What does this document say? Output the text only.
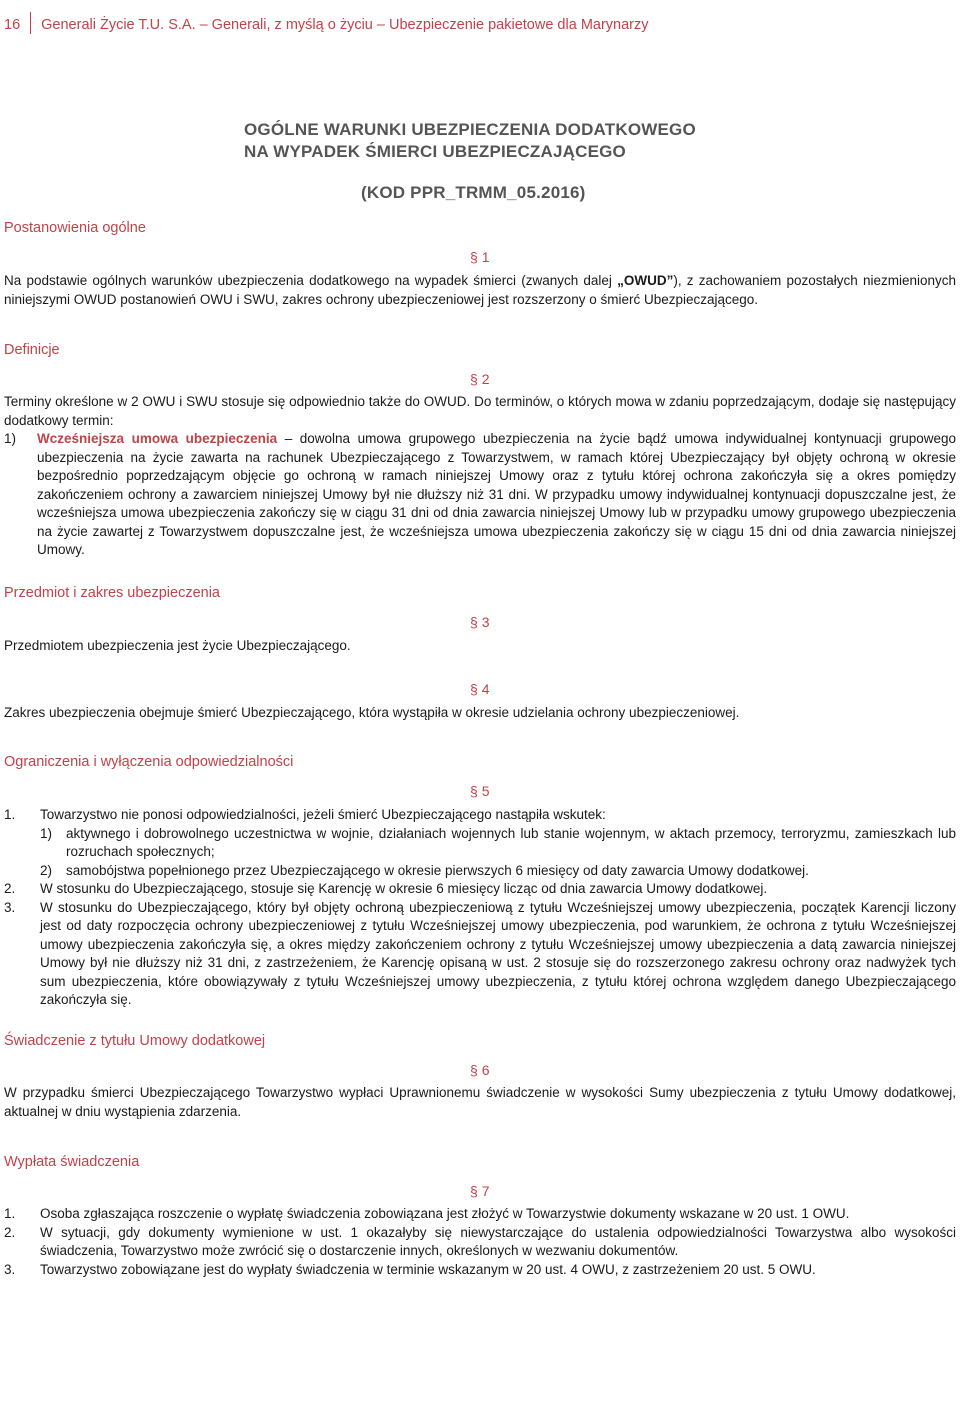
16 Generali Życie T.U. S.A. – Generali, z myślą o życiu – Ubezpieczenie pakietowe dla Marynarzy
OGÓLNE WARUNKI UBEZPIECZENIA DODATKOWEGO
NA WYPADEK ŚMIERCI UBEZPIECZAJĄCEGO
(KOD PPR_TRMM_05.2016)
Postanowienia ogólne
§ 1
Na podstawie ogólnych warunków ubezpieczenia dodatkowego na wypadek śmierci (zwanych dalej „OWUD”), z zachowaniem pozostałych niezmienionych niniejszymi OWUD postanowień OWU i SWU, zakres ochrony ubezpieczeniowej jest rozszerzony o śmierć Ubezpieczającego.
Definicje
§ 2
Terminy określone w 2 OWU i SWU stosuje się odpowiednio także do OWUD. Do terminów, o których mowa w zdaniu poprzedzającym, dodaje się następujący dodatkowy termin:
1)	Wcześniejsza umowa ubezpieczenia – dowolna umowa grupowego ubezpieczenia na życie bądź umowa indywidualnej kontynuacji grupowego ubezpieczenia na życie zawarta na rachunek Ubezpieczającego z Towarzystwem, w ramach której Ubezpieczający był objęty ochroną w okresie bezpośrednio poprzedzającym objęcie go ochroną w ramach niniejszej Umowy oraz z tytułu której ochrona zakończyła się a okres pomiędzy zakończeniem ochrony a zawarciem niniejszej Umowy był nie dłuższy niż 31 dni. W przypadku umowy indywidualnej kontynuacji dopuszczalne jest, że wcześniejsza umowa ubezpieczenia zakończy się w ciągu 31 dni od dnia zawarcia niniejszej Umowy lub w przypadku umowy grupowego ubezpieczenia na życie zawartej z Towarzystwem dopuszczalne jest, że wcześniejsza umowa ubezpieczenia zakończy się w ciągu 15 dni od dnia zawarcia niniejszej Umowy.
Przedmiot i zakres ubezpieczenia
§ 3
Przedmiotem ubezpieczenia jest życie Ubezpieczającego.
§ 4
Zakres ubezpieczenia obejmuje śmierć Ubezpieczającego, która wystąpiła w okresie udzielania ochrony ubezpieczeniowej.
Ograniczenia i wyłączenia odpowiedzialności
§ 5
1.	Towarzystwo nie ponosi odpowiedzialności, jeżeli śmierć Ubezpieczającego nastąpiła wskutek:
1)	aktywnego i dobrowolnego uczestnictwa w wojnie, działaniach wojennych lub stanie wojennym, w aktach przemocy, terroryzmu, zamieszkach lub rozruchach społecznych;
2)	samobójstwa popełnionego przez Ubezpieczającego w okresie pierwszych 6 miesięcy od daty zawarcia Umowy dodatkowej.
2.	W stosunku do Ubezpieczającego, stosuje się Karencję w okresie 6 miesięcy licząc od dnia zawarcia Umowy dodatkowej.
3.	W stosunku do Ubezpieczającego, który był objęty ochroną ubezpieczeniową z tytułu Wcześniejszej umowy ubezpieczenia, początek Karencji liczony jest od daty rozpoczęcia ochrony ubezpieczeniowej z tytułu Wcześniejszej umowy ubezpieczenia, pod warunkiem, że ochrona z tytułu Wcześniejszej umowy ubezpieczenia zakończyła się, a okres między zakończeniem ochrony z tytułu Wcześniejszej umowy ubezpieczenia a datą zawarcia niniejszej Umowy był nie dłuższy niż 31 dni, z zastrzeżeniem, że Karencję opisaną w ust. 2 stosuje się do rozszerzonego zakresu ochrony oraz nadwyżek tych sum ubezpieczenia, które obowiązywały z tytułu Wcześniejszej umowy ubezpieczenia, z tytułu której ochrona względem danego Ubezpieczającego zakończyła się.
Świadczenie z tytułu Umowy dodatkowej
§ 6
W przypadku śmierci Ubezpieczającego Towarzystwo wypłaci Uprawnionemu świadczenie w wysokości Sumy ubezpieczenia z tytułu Umowy dodatkowej, aktualnej w dniu wystąpienia zdarzenia.
Wypłata świadczenia
§ 7
1.	Osoba zgłaszająca roszczenie o wypłatę świadczenia zobowiązana jest złożyć w Towarzystwie dokumenty wskazane w 20 ust. 1 OWU.
2.	W sytuacji, gdy dokumenty wymienione w ust. 1 okazałyby się niewystarczające do ustalenia odpowiedzialności Towarzystwa albo wysokości świadczenia, Towarzystwo może zwrócić się o dostarczenie innych, określonych w wezwaniu dokumentów.
3.	Towarzystwo zobowiązane jest do wypłaty świadczenia w terminie wskazanym w 20 ust. 4 OWU, z zastrzeżeniem 20 ust. 5 OWU.
